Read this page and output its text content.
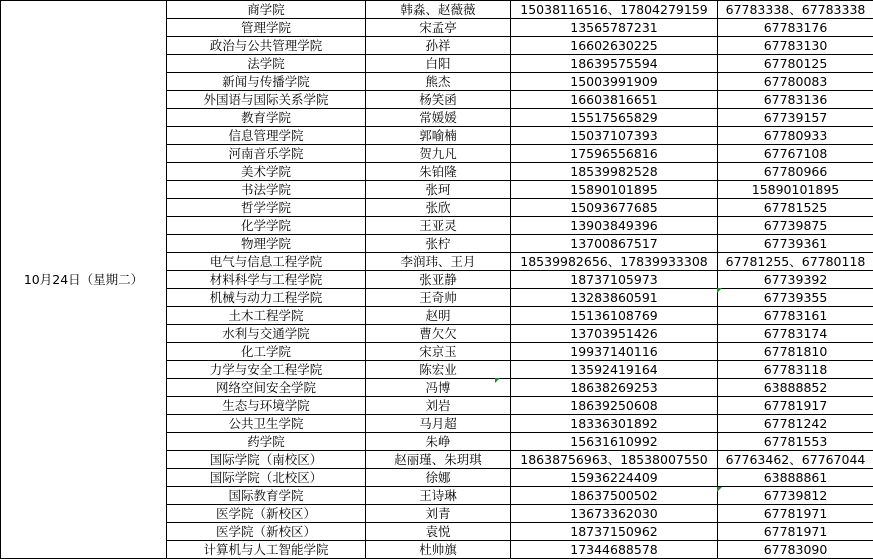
10月24日（星期二）	商学院	韩淼、赵薇薇	15038116516、17804279159	67783338、67783338
	管理学院	宋孟亭	13565787231	67783176
	政治与公共管理学院	孙祥	16602630225	67783130
	法学院	白阳	18639575594	67780125
	新闻与传播学院	熊杰	15003991909	67780083
	外国语与国际关系学院	杨笑函	16603816651	67783136
	教育学院	常媛媛	15517565829	67739157
	信息管理学院	郭喻楠	15037107393	67780933
	河南音乐学院	贺九凡	17596556816	67767108
	美术学院	朱铂隆	18539982528	67780966
	书法学院	张珂	15890101895	15890101895
	哲学学院	张欣	15093677685	67781525
	化学学院	王亚灵	13903849396	67739875
	物理学院	张柠	13700867517	67739361
	电气与信息工程学院	李润玮、王月	18539982656、17839933308	67781255、67780118
	材料科学与工程学院	张亚静	18737105973	67739392
	机械与动力工程学院	王奇帅	13283860591	67739355
	土木工程学院	赵明	15136108769	67783161
	水利与交通学院	曹欠欠	13703951426	67783174
	化工学院	宋京玉	19937140116	67781810
	力学与安全工程学院	陈宏业	13592419164	67783118
	网络空间安全学院	冯博	18638269253	63888852
	生态与环境学院	刘岩	18639250608	67781917
	公共卫生学院	马月超	18336301892	67781242
	药学院	朱峥	15631610992	67781553
	国际学院（南校区）	赵丽瑾、朱玥琪	18638756963、18538007550	67763462、67767044
	国际学院（北校区）	徐娜	15936224409	63888861
	国际教育学院	王诗琳	18637500502	67739812
	医学院（新校区）	刘青	13673362030	67781971
	医学院（新校区）	袁悦	18737150962	67781971
	计算机与人工智能学院	杜帅旗	17344688578	67783090
